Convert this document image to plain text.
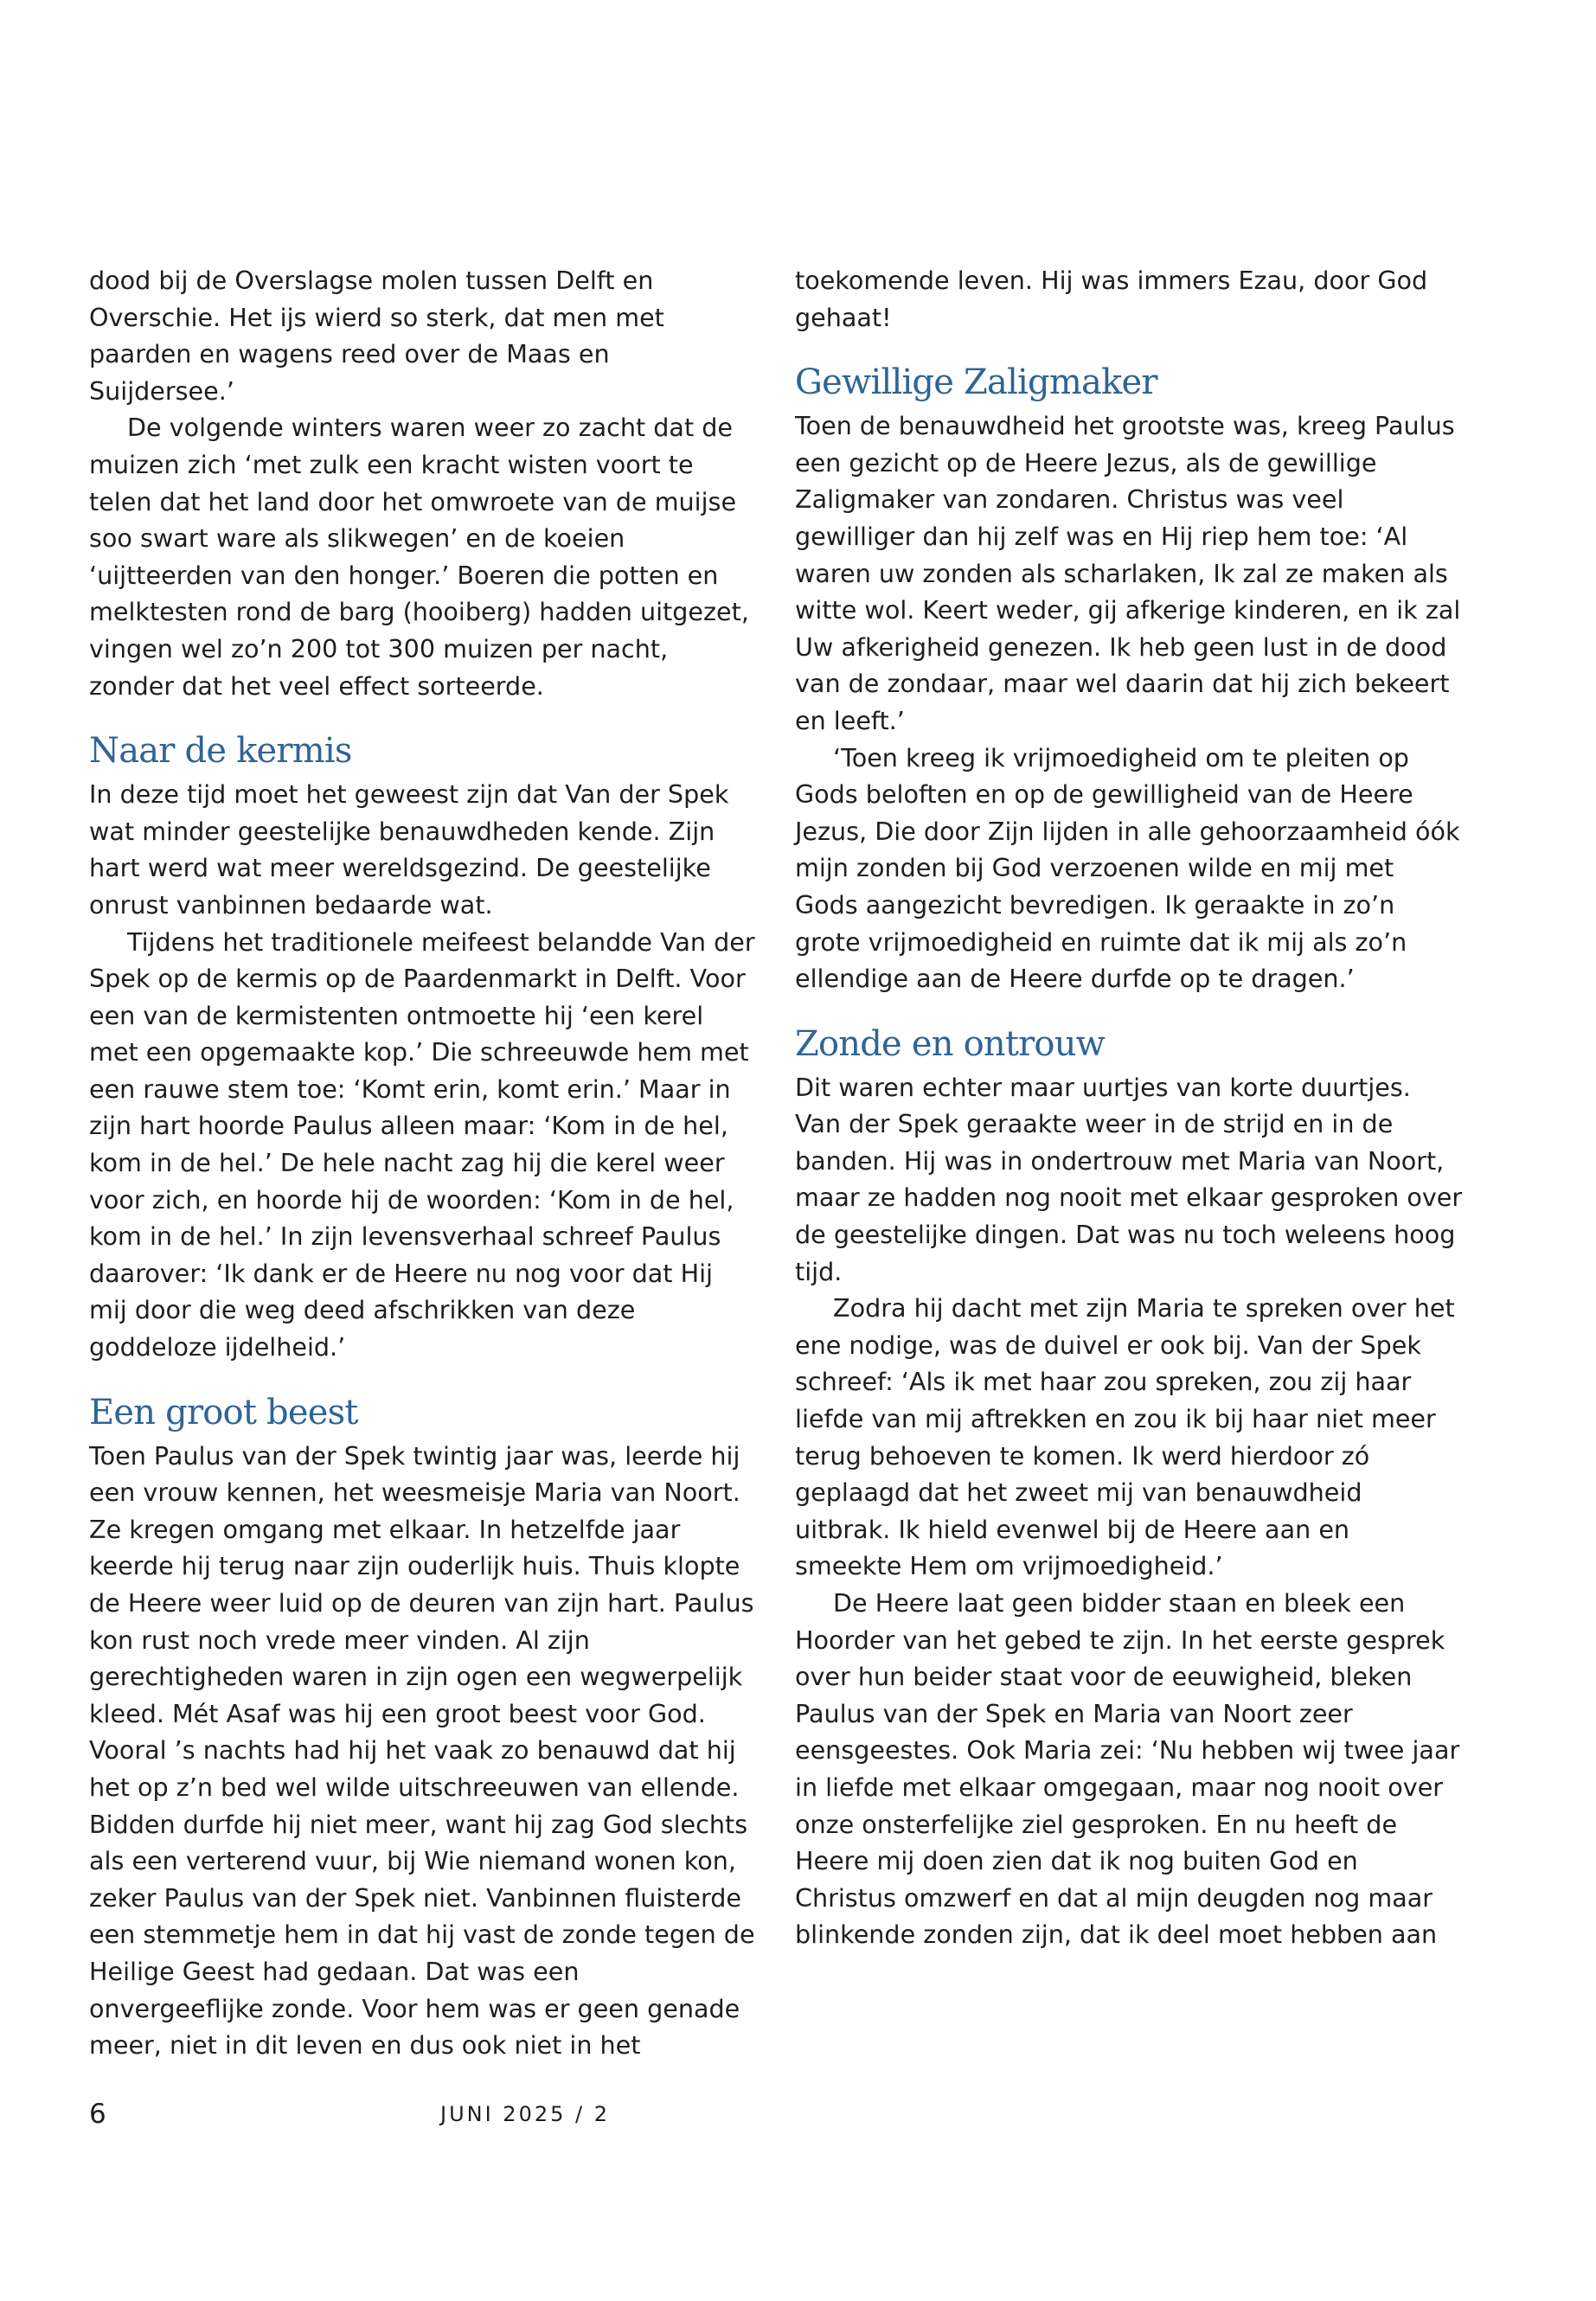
dood bij de Overslagse molen tussen Delft en Overschie. Het ijs wierd so sterk, dat men met paarden en wagens reed over de Maas en Suijdersee.’

De volgende winters waren weer zo zacht dat de muizen zich ‘met zulk een kracht wisten voort te telen dat het land door het omwroete van de muijse soo swart ware als slikwegen’ en de koeien ‘uijtteerden van den honger.’ Boeren die potten en melktesten rond de barg (hooiberg) hadden uitgezet, vingen wel zo’n 200 tot 300 muizen per nacht, zonder dat het veel effect sorteerde.

Naar de kermis

In deze tijd moet het geweest zijn dat Van der Spek wat minder geestelijke benauwdheden kende. Zijn hart werd wat meer wereldsgezind. De geestelijke onrust vanbinnen bedaarde wat.

Tijdens het traditionele meifeest belandde Van der Spek op de kermis op de Paardenmarkt in Delft. Voor een van de kermistenten ontmoette hij ‘een kerel met een opgemaakte kop.’ Die schreeuwde hem met een rauwe stem toe: ‘Komt erin, komt erin.’ Maar in zijn hart hoorde Paulus alleen maar: ‘Kom in de hel, kom in de hel.’ De hele nacht zag hij die kerel weer voor zich, en hoorde hij de woorden: ‘Kom in de hel, kom in de hel.’ In zijn levensverhaal schreef Paulus daarover: ‘Ik dank er de Heere nu nog voor dat Hij mij door die weg deed afschrikken van deze goddeloze ijdelheid.’

Een groot beest

Toen Paulus van der Spek twintig jaar was, leerde hij een vrouw kennen, het weesmeisje Maria van Noort. Ze kregen omgang met elkaar. In hetzelfde jaar keerde hij terug naar zijn ouderlijk huis. Thuis klopte de Heere weer luid op de deuren van zijn hart. Paulus kon rust noch vrede meer vinden. Al zijn gerechtigheden waren in zijn ogen een wegwerpelijk kleed. Mét Asaf was hij een groot beest voor God. Vooral ’s nachts had hij het vaak zo benauwd dat hij het op z’n bed wel wilde uitschreeuwen van ellende. Bidden durfde hij niet meer, want hij zag God slechts als een verterend vuur, bij Wie niemand wonen kon, zeker Paulus van der Spek niet. Vanbinnen fluisterde een stemmetje hem in dat hij vast de zonde tegen de Heilige Geest had gedaan. Dat was een onvergeeflijke zonde. Voor hem was er geen genade meer, niet in dit leven en dus ook niet in het

toekomende leven. Hij was immers Ezau, door God gehaat!

Gewillige Zaligmaker

Toen de benauwdheid het grootste was, kreeg Paulus een gezicht op de Heere Jezus, als de gewillige Zaligmaker van zondaren. Christus was veel gewilliger dan hij zelf was en Hij riep hem toe: ‘Al waren uw zonden als scharlaken, Ik zal ze maken als witte wol. Keert weder, gij afkerige kinderen, en ik zal Uw afkerigheid genezen. Ik heb geen lust in de dood van de zondaar, maar wel daarin dat hij zich bekeert en leeft.’

‘Toen kreeg ik vrijmoedigheid om te pleiten op Gods beloften en op de gewilligheid van de Heere Jezus, Die door Zijn lijden in alle gehoorzaamheid óók mijn zonden bij God verzoenen wilde en mij met Gods aangezicht bevredigen. Ik geraakte in zo’n grote vrijmoedigheid en ruimte dat ik mij als zo’n ellendige aan de Heere durfde op te dragen.’

Zonde en ontrouw

Dit waren echter maar uurtjes van korte duurtjes. Van der Spek geraakte weer in de strijd en in de banden. Hij was in ondertrouw met Maria van Noort, maar ze hadden nog nooit met elkaar gesproken over de geestelijke dingen. Dat was nu toch weleens hoog tijd.

Zodra hij dacht met zijn Maria te spreken over het ene nodige, was de duivel er ook bij. Van der Spek schreef: ‘Als ik met haar zou spreken, zou zij haar liefde van mij aftrekken en zou ik bij haar niet meer terug behoeven te komen. Ik werd hierdoor zó geplaagd dat het zweet mij van benauwdheid uitbrak. Ik hield evenwel bij de Heere aan en smeekte Hem om vrijmoedigheid.’

De Heere laat geen bidder staan en bleek een Hoorder van het gebed te zijn. In het eerste gesprek over hun beider staat voor de eeuwigheid, bleken Paulus van der Spek en Maria van Noort zeer eensgeestes. Ook Maria zei: ‘Nu hebben wij twee jaar in liefde met elkaar omgegaan, maar nog nooit over onze onsterfelijke ziel gesproken. En nu heeft de Heere mij doen zien dat ik nog buiten God en Christus omzwerf en dat al mijn deugden nog maar blinkende zonden zijn, dat ik deel moet hebben aan

6	JUNI 2025 / 2
